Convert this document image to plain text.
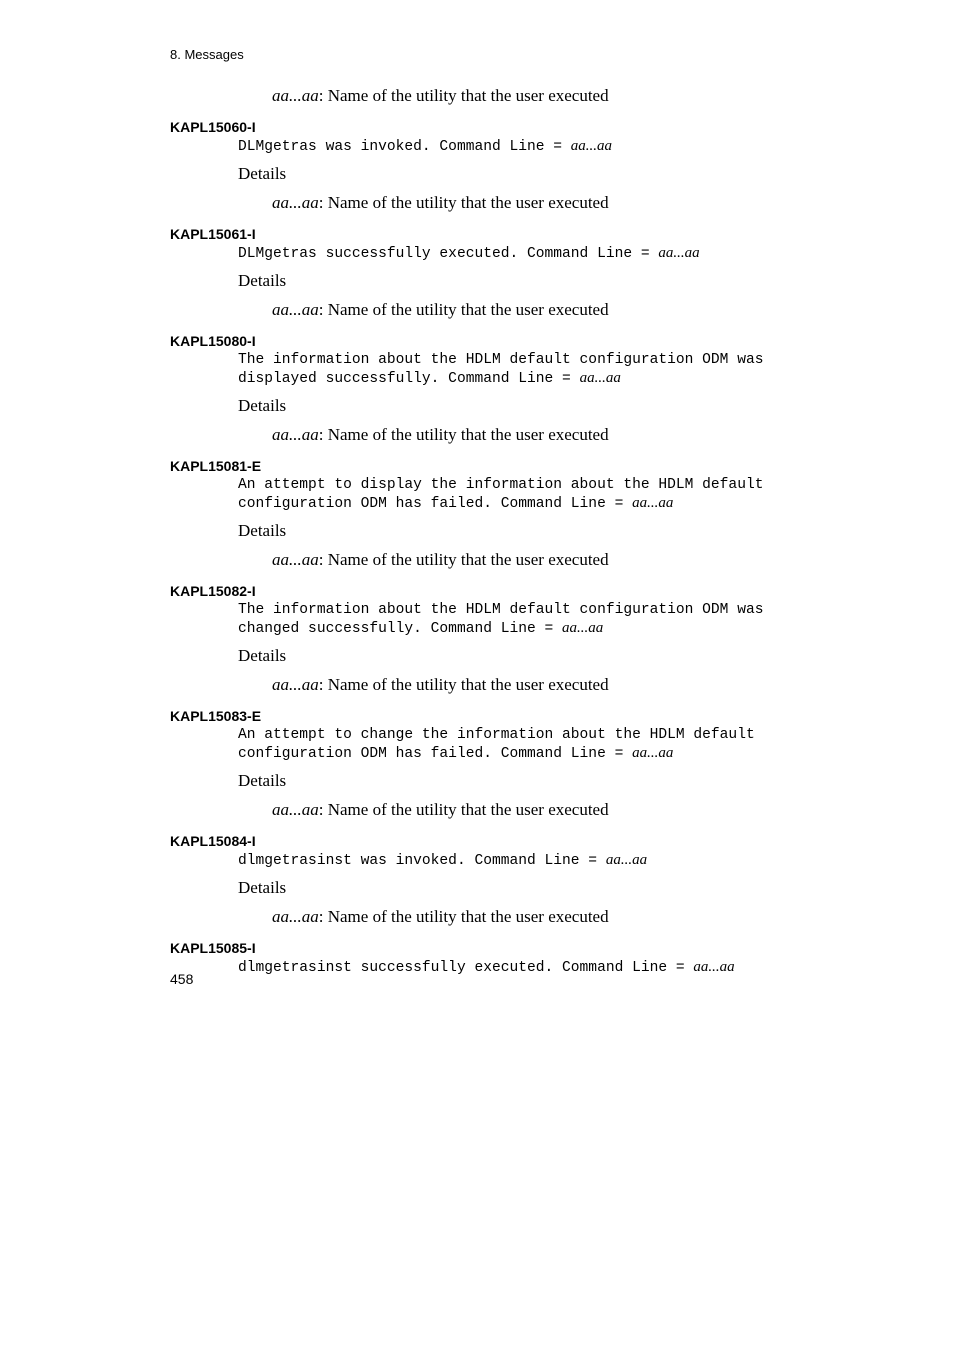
8. Messages
aa...aa: Name of the utility that the user executed
KAPL15060-I
DLMgetras was invoked. Command Line = aa...aa
Details
aa...aa: Name of the utility that the user executed
KAPL15061-I
DLMgetras successfully executed. Command Line = aa...aa
Details
aa...aa: Name of the utility that the user executed
KAPL15080-I
The information about the HDLM default configuration ODM was
displayed successfully. Command Line = aa...aa
Details
aa...aa: Name of the utility that the user executed
KAPL15081-E
An attempt to display the information about the HDLM default
configuration ODM has failed. Command Line = aa...aa
Details
aa...aa: Name of the utility that the user executed
KAPL15082-I
The information about the HDLM default configuration ODM was
changed successfully. Command Line = aa...aa
Details
aa...aa: Name of the utility that the user executed
KAPL15083-E
An attempt to change the information about the HDLM default
configuration ODM has failed. Command Line = aa...aa
Details
aa...aa: Name of the utility that the user executed
KAPL15084-I
dlmgetrasinst was invoked. Command Line = aa...aa
Details
aa...aa: Name of the utility that the user executed
KAPL15085-I
dlmgetrasinst successfully executed. Command Line = aa...aa
458
